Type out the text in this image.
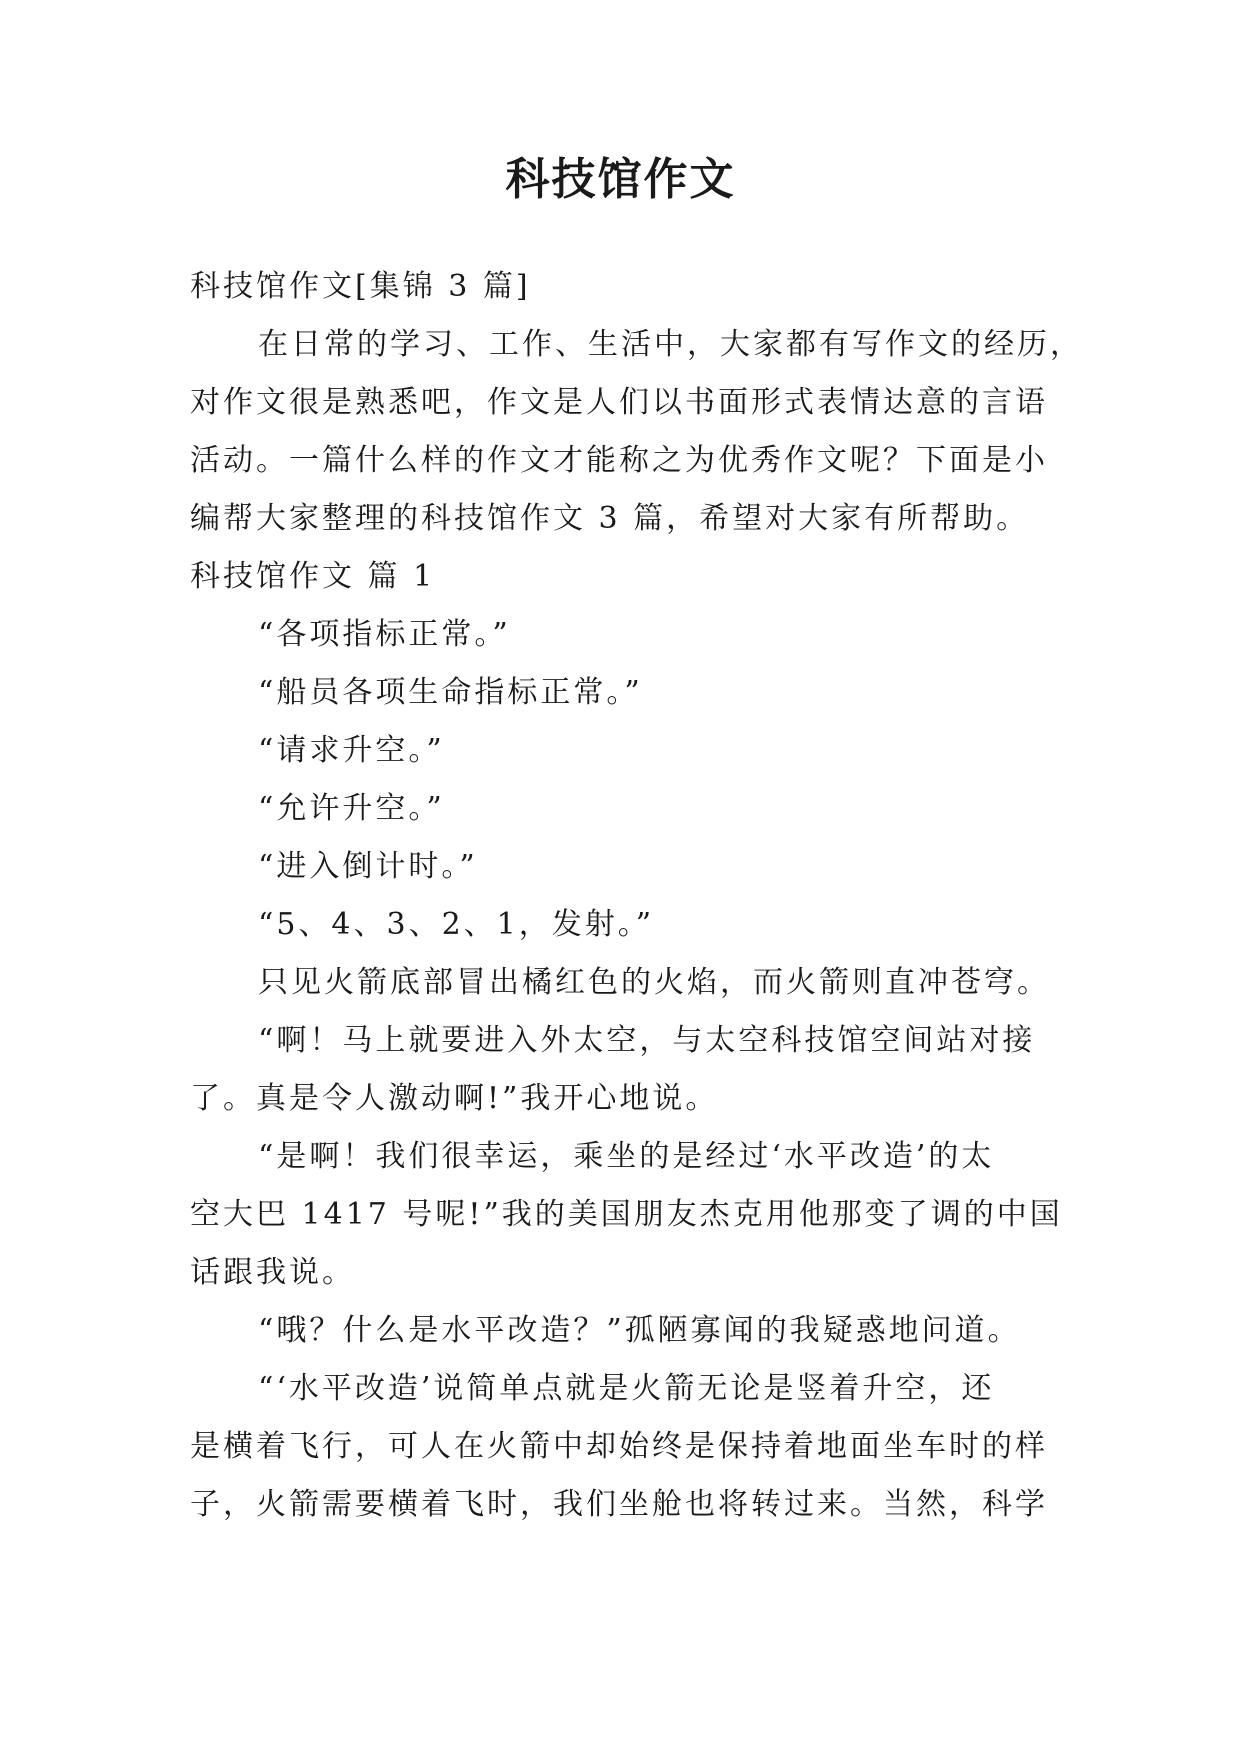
科技馆作文
科技馆作文[集锦 3 篇]
在日常的学习、工作、生活中，大家都有写作文的经历，
对作文很是熟悉吧，作文是人们以书面形式表情达意的言语
活动。一篇什么样的作文才能称之为优秀作文呢？下面是小
编帮大家整理的科技馆作文 3 篇，希望对大家有所帮助。
科技馆作文 篇 1
“各项指标正常。”
“船员各项生命指标正常。”
“请求升空。”
“允许升空。”
“进入倒计时。”
“5、4、3、2、1，发射。”
只见火箭底部冒出橘红色的火焰，而火箭则直冲苍穹。
“啊！马上就要进入外太空，与太空科技馆空间站对接
了。真是令人激动啊!”我开心地说。
“是啊！我们很幸运，乘坐的是经过‘水平改造’的太
空大巴 1417 号呢!”我的美国朋友杰克用他那变了调的中国
话跟我说。
“哦？什么是水平改造？”孤陋寡闻的我疑惑地问道。
“‘水平改造’说简单点就是火箭无论是竖着升空，还
是横着飞行，可人在火箭中却始终是保持着地面坐车时的样
子，火箭需要横着飞时，我们坐舱也将转过来。当然，科学
